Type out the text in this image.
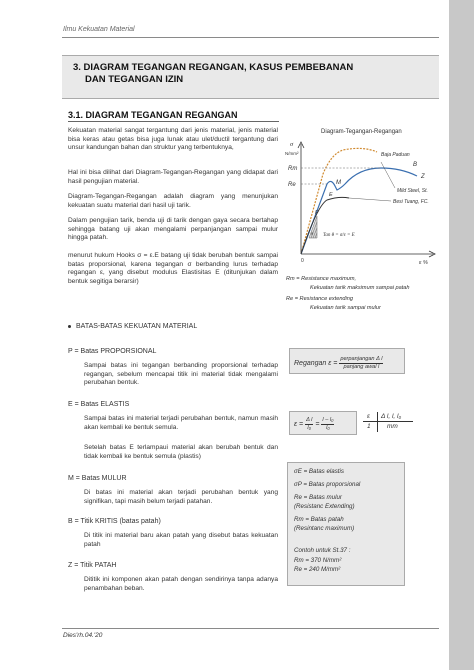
Ilmu Kekuatan Material
3. DIAGRAM TEGANGAN REGANGAN, KASUS PEMBEBANAN
DAN TEGANGAN IZIN
3.1. DIAGRAM TEGANGAN REGANGAN
Kekuatan material sangat tergantung dari jenis material, jenis material bisa keras atau getas bisa juga lunak atau ulet/ductil tergantung dari unsur kandungan bahan dan struktur yang terbentuknya,
Hal ini bisa dilihat dari Diagram-Tegangan-Regangan yang didapat dari hasil pengujian material.
Diagram-Tegangan-Regangan adalah diagram yang menunjukan kekuatan suatu material dari hasil uji tarik.
Dalam pengujian tarik, benda uji di tarik dengan gaya secara bertahap sehingga batang uji akan mengalami perpanjangan sampai mulur hingga patah.
menurut hukum Hooks σ = ε.E batang uji tidak berubah bentuk sampai batas proporsional, karena tegangan σ berbanding lurus terhadap regangan ε, yang disebut modulus Elastisitas E (ditunjukan dalam bentuk segitiga berarsir)
BATAS-BATAS KEKUATAN MATERIAL
P = Batas PROPORSIONAL
Sampai batas ini tegangan berbanding proporsional terhadap regangan, sebelum mencapai titik ini material tidak mengalami perubahan bentuk.
E = Batas ELASTIS
Sampai batas ini material terjadi perubahan bentuk, namun masih akan kembali ke bentuk semula.
Setelah batas E terlampaui material akan berubah bentuk dan tidak kembali ke bentuk semula (plastis)
M = Batas MULUR
Di batas ini material akan terjadi perubahan bentuk yang signifikan, tapi masih belum terjadi patahan.
B = Titik KRITIS (batas patah)
Di titik ini material baru akan patah yang disebut batas kekuatan patah
Z = Titik PATAH
Dititik ini komponen akan patah dengan sendirinya tanpa adanya penambahan beban.
Diagram-Tegangan-Regangan
σ
N/mm²
ε %
0
Baja Paduan
Mild Steel, St.
Besi Tuang, FC.
Rm
Re	M
B
Z
E
P
θ Tan θ = σ/ε = E
Rm = Resistance maximum,
Kekuatan tarik maksimum sampai patah
Re = Resistance extending
Kekuatan tarik sampai mulur
Regangan $\varepsilon = \frac{\text{perpanjangan Δ l}}{\text{panjang awal l}}$
$\varepsilon = \frac{\text{Δ l}}{\text{l₀}} = \frac{\text{l – l₀}}{\text{l₀}}$
ε Δ l, l, l₀
1	mm
σE = Batas elastis
σP = Batas proporsional
Re = Batas mulur
(Resistanc Extending)
Rm = Batas patah
(Resintanc maximum)
Contoh untuk St.37 :
Rm = 370 N/mm²
Re = 240 M/mm²
Dies'rh.04.'20
